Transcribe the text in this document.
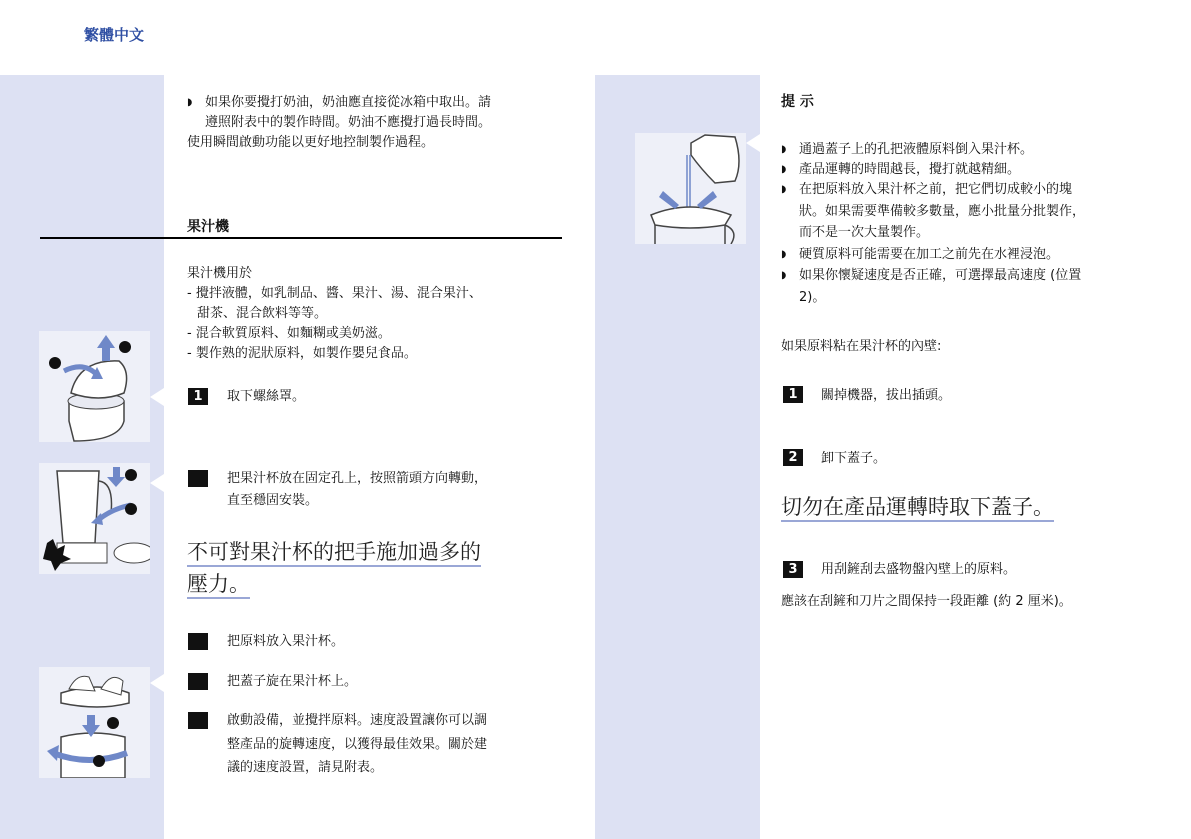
繁體中文
◗ 如果你要攪打奶油，奶油應直接從冰箱中取出。請
遵照附表中的製作時間。奶油不應攪打過長時間。
使用瞬間啟動功能以更好地控制製作過程。
果汁機
果汁機用於
- 攪拌液體，如乳制品、醬、果汁、湯、混合果汁、
甜茶、混合飲料等等。
- 混合軟質原料、如麵糊或美奶滋。
- 製作熟的泥狀原料，如製作嬰兒食品。
1	取下螺絲罩。
把果汁杯放在固定孔上，按照箭頭方向轉動，
直至穩固安裝。
不可對果汁杯的把手施加過多的
壓力。
把原料放入果汁杯。
把蓋子旋在果汁杯上。
啟動設備，並攪拌原料。速度設置讓你可以調
整產品的旋轉速度，以獲得最佳效果。關於建
議的速度設置，請見附表。
提 示
◗ 通過蓋子上的孔把液體原料倒入果汁杯。
◗ 產品運轉的時間越長，攪打就越精細。
◗ 在把原料放入果汁杯之前，把它們切成較小的塊
狀。如果需要準備較多數量，應小批量分批製作，
而不是一次大量製作。
◗ 硬質原料可能需要在加工之前先在水裡浸泡。
◗ 如果你懷疑速度是否正確，可選擇最高速度 (位置
2)。
如果原料粘在果汁杯的內壁:
1	關掉機器，拔出插頭。
2	卸下蓋子。
切勿在產品運轉時取下蓋子。
3	用刮鏟刮去盛物盤內壁上的原料。
應該在刮鏟和刀片之間保持一段距離 (約 2 厘米)。
